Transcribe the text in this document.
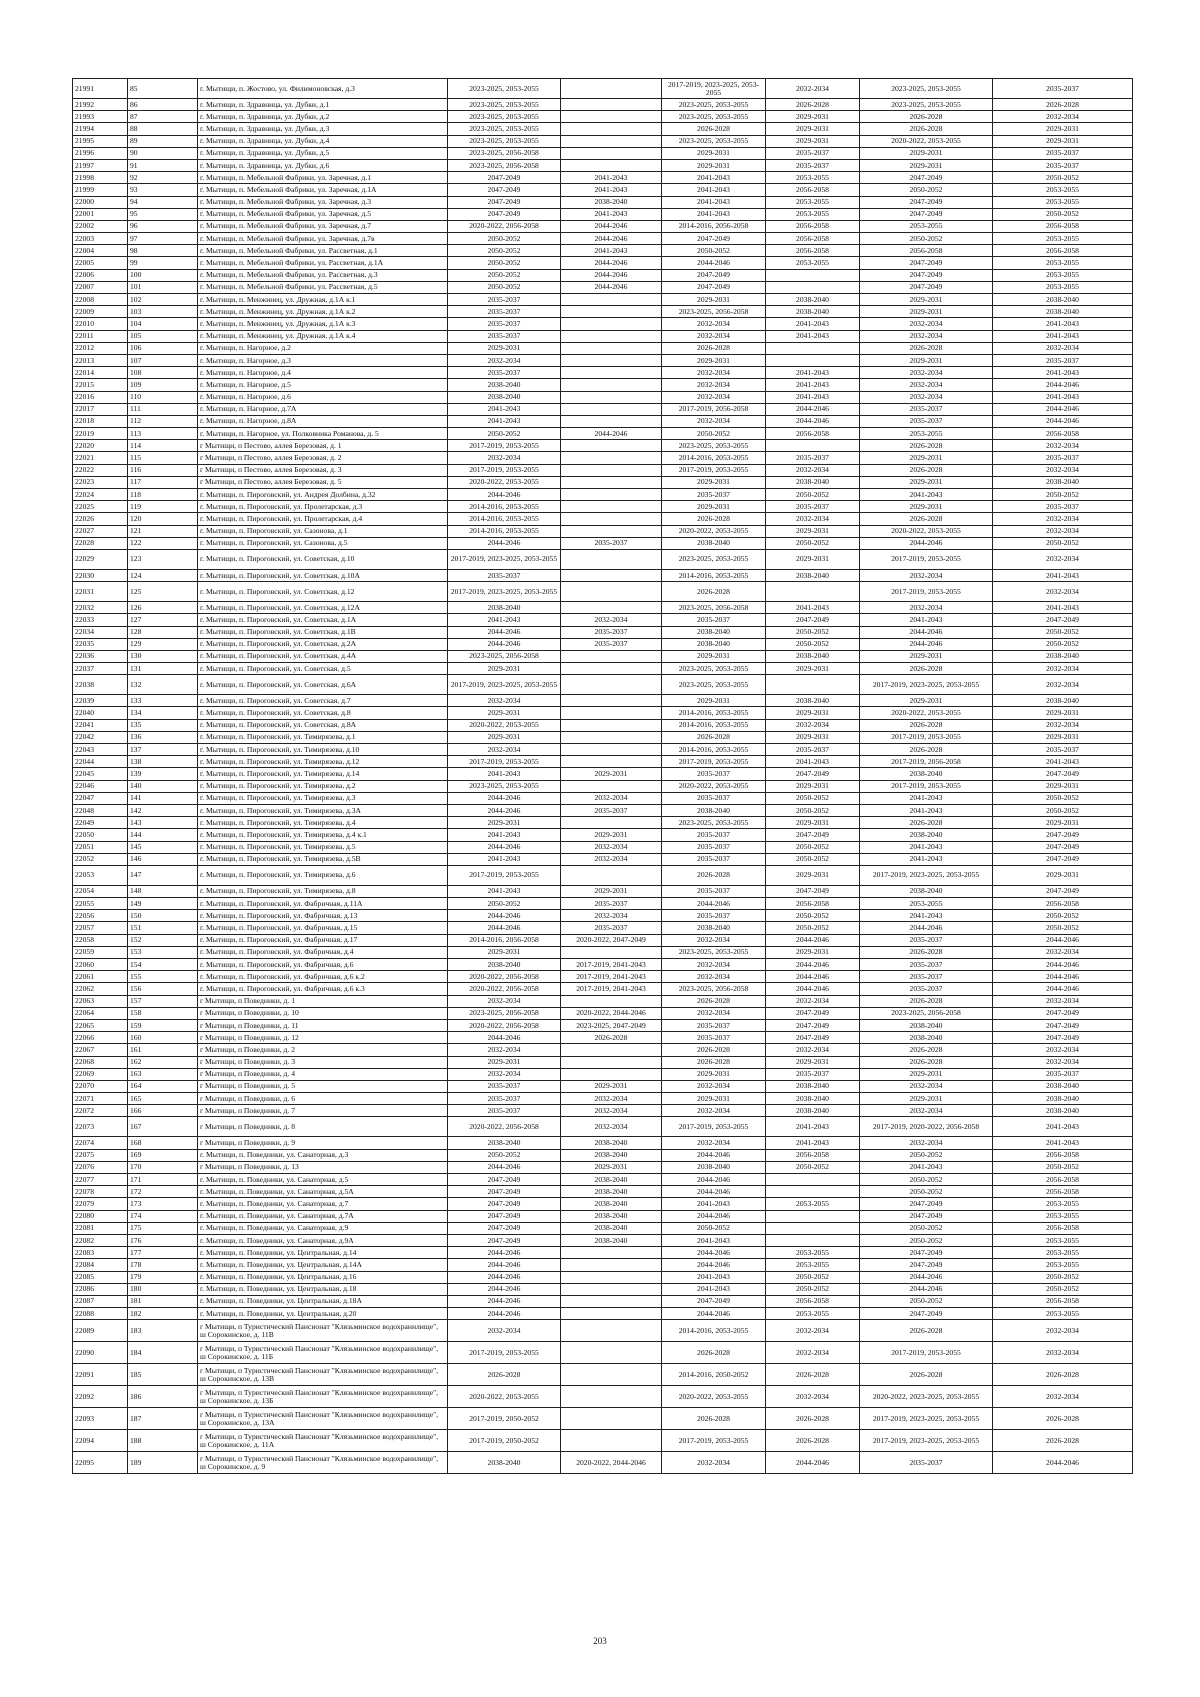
21991	85	г. Мытищи, п. Жостово, ул. Филимоновская, д.3	2023-2025, 2053-2055		2017-2019, 2023-2025, 2053-2055	2032-2034	2023-2025, 2053-2055	2035-2037
21992	86	г. Мытищи, п. Здравница, ул. Дубки, д.1	2023-2025, 2053-2055		2023-2025, 2053-2055	2026-2028	2023-2025, 2053-2055	2026-2028
21993	87	г. Мытищи, п. Здравница, ул. Дубки, д.2	2023-2025, 2053-2055		2023-2025, 2053-2055	2029-2031	2026-2028	2032-2034
21994	88	г. Мытищи, п. Здравница, ул. Дубки, д.3	2023-2025, 2053-2055		2026-2028	2029-2031	2026-2028	2029-2031
21995	89	г. Мытищи, п. Здравница, ул. Дубки, д.4	2023-2025, 2053-2055		2023-2025, 2053-2055	2029-2031	2020-2022, 2053-2055	2029-2031
21996	90	г. Мытищи, п. Здравница, ул. Дубки, д.5	2023-2025, 2056-2058		2029-2031	2035-2037	2029-2031	2035-2037
21997	91	г. Мытищи, п. Здравница, ул. Дубки, д.6	2023-2025, 2056-2058		2029-2031	2035-2037	2029-2031	2035-2037
21998	92	г. Мытищи, п. Мебельной Фабрики, ул. Заречная, д.1	2047-2049	2041-2043	2041-2043	2053-2055	2047-2049	2050-2052
21999	93	г. Мытищи, п. Мебельной Фабрики, ул. Заречная, д.1А	2047-2049	2041-2043	2041-2043	2056-2058	2050-2052	2053-2055
22000	94	г. Мытищи, п. Мебельной Фабрики, ул. Заречная, д.3	2047-2049	2038-2040	2041-2043	2053-2055	2047-2049	2053-2055
22001	95	г. Мытищи, п. Мебельной Фабрики, ул. Заречная, д.5	2047-2049	2041-2043	2041-2043	2053-2055	2047-2049	2050-2052
22002	96	г. Мытищи, п. Мебельной Фабрики, ул. Заречная, д.7	2020-2022, 2056-2058	2044-2046	2014-2016, 2056-2058	2056-2058	2053-2055	2056-2058
22003	97	г. Мытищи, п. Мебельной Фабрики, ул. Заречная, д.7в	2050-2052	2044-2046	2047-2049	2056-2058	2050-2052	2053-2055
22004	98	г. Мытищи, п. Мебельной Фабрики, ул. Рассветная, д.1	2050-2052	2041-2043	2050-2052	2056-2058	2056-2058	2056-2058
22005	99	г. Мытищи, п. Мебельной Фабрики, ул. Рассветная, д.1А	2050-2052	2044-2046	2044-2046	2053-2055	2047-2049	2053-2055
22006	100	г. Мытищи, п. Мебельной Фабрики, ул. Рассветная, д.3	2050-2052	2044-2046	2047-2049		2047-2049	2053-2055
22007	101	г. Мытищи, п. Мебельной Фабрики, ул. Рассветная, д.5	2050-2052	2044-2046	2047-2049		2047-2049	2053-2055
22008	102	г. Мытищи, п. Менжинец, ул. Дружная, д.1А к.1	2035-2037		2029-2031	2038-2040	2029-2031	2038-2040
22009	103	г. Мытищи, п. Менжинец, ул. Дружная, д.1А к.2	2035-2037		2023-2025, 2056-2058	2038-2040	2029-2031	2038-2040
22010	104	г. Мытищи, п. Менжинец, ул. Дружная, д.1А к.3	2035-2037		2032-2034	2041-2043	2032-2034	2041-2043
22011	105	г. Мытищи, п. Менжинец, ул. Дружная, д.1А к.4	2035-2037		2032-2034	2041-2043	2032-2034	2041-2043
22012	106	г. Мытищи, п. Нагорное, д.2	2029-2031		2026-2028		2026-2028	2032-2034
22013	107	г. Мытищи, п. Нагорное, д.3	2032-2034		2029-2031		2029-2031	2035-2037
22014	108	г. Мытищи, п. Нагорное, д.4	2035-2037		2032-2034	2041-2043	2032-2034	2041-2043
22015	109	г. Мытищи, п. Нагорное, д.5	2038-2040		2032-2034	2041-2043	2032-2034	2044-2046
22016	110	г. Мытищи, п. Нагорное, д.6	2038-2040		2032-2034	2041-2043	2032-2034	2041-2043
22017	111	г. Мытищи, п. Нагорное, д.7А	2041-2043		2017-2019, 2056-2058	2044-2046	2035-2037	2044-2046
22018	112	г. Мытищи, п. Нагорное, д.8А	2041-2043		2032-2034	2044-2046	2035-2037	2044-2046
22019	113	г. Мытищи, п. Нагорное, ул. Полковника Романова, д. 5	2050-2052	2044-2046	2050-2052	2056-2058	2053-2055	2056-2058
22020	114	г Мытищи, п Пестово, аллея Березовая, д. 1	2017-2019, 2053-2055		2023-2025, 2053-2055		2026-2028	2032-2034
22021	115	г Мытищи, п Пестово, аллея Березовая, д. 2	2032-2034		2014-2016, 2053-2055	2035-2037	2029-2031	2035-2037
22022	116	г Мытищи, п Пестово, аллея Березовая, д. 3	2017-2019, 2053-2055		2017-2019, 2053-2055	2032-2034	2026-2028	2032-2034
22023	117	г Мытищи, п Пестово, аллея Березовая, д. 5	2020-2022, 2053-2055		2029-2031	2038-2040	2029-2031	2038-2040
22024	118	г. Мытищи, п. Пироговский, ул. Андрея Долбина, д.32	2044-2046		2035-2037	2050-2052	2041-2043	2050-2052
22025	119	г. Мытищи, п. Пироговский, ул. Пролетарская, д.3	2014-2016, 2053-2055		2029-2031	2035-2037	2029-2031	2035-2037
22026	120	г. Мытищи, п. Пироговский, ул. Пролетарская, д.4	2014-2016, 2053-2055		2026-2028	2032-2034	2026-2028	2032-2034
22027	121	г. Мытищи, п. Пироговский, ул. Сазонова, д.1	2014-2016, 2053-2055		2020-2022, 2053-2055	2029-2031	2020-2022, 2053-2055	2032-2034
22028	122	г. Мытищи, п. Пироговский, ул. Сазонова, д.5	2044-2046	2035-2037	2038-2040	2050-2052	2044-2046	2050-2052
22029	123	г. Мытищи, п. Пироговский, ул. Советская, д.10	2017-2019, 2023-2025, 2053-2055		2023-2025, 2053-2055	2029-2031	2017-2019, 2053-2055	2032-2034
22030	124	г. Мытищи, п. Пироговский, ул. Советская, д.10А	2035-2037		2014-2016, 2053-2055	2038-2040	2032-2034	2041-2043
22031	125	г. Мытищи, п. Пироговский, ул. Советская, д.12	2017-2019, 2023-2025, 2053-2055		2026-2028		2017-2019, 2053-2055	2032-2034
22032	126	г. Мытищи, п. Пироговский, ул. Советская, д.12А	2038-2040		2023-2025, 2056-2058	2041-2043	2032-2034	2041-2043
22033	127	г. Мытищи, п. Пироговский, ул. Советская, д.1А	2041-2043	2032-2034	2035-2037	2047-2049	2041-2043	2047-2049
22034	128	г. Мытищи, п. Пироговский, ул. Советская, д.1В	2044-2046	2035-2037	2038-2040	2050-2052	2044-2046	2050-2052
22035	129	г. Мытищи, п. Пироговский, ул. Советская, д.2А	2044-2046	2035-2037	2038-2040	2050-2052	2044-2046	2050-2052
22036	130	г. Мытищи, п. Пироговский, ул. Советская, д.4А	2023-2025, 2056-2058		2029-2031	2038-2040	2029-2031	2038-2040
22037	131	г. Мытищи, п. Пироговский, ул. Советская, д.5	2029-2031		2023-2025, 2053-2055	2029-2031	2026-2028	2032-2034
22038	132	г. Мытищи, п. Пироговский, ул. Советская, д.6А	2017-2019, 2023-2025, 2053-2055		2023-2025, 2053-2055		2017-2019, 2023-2025, 2053-2055	2032-2034
22039	133	г. Мытищи, п. Пироговский, ул. Советская, д.7	2032-2034		2029-2031	2038-2040	2029-2031	2038-2040
22040	134	г. Мытищи, п. Пироговский, ул. Советская, д.8	2029-2031		2014-2016, 2053-2055	2029-2031	2020-2022, 2053-2055	2029-2031
22041	135	г. Мытищи, п. Пироговский, ул. Советская, д.8А	2020-2022, 2053-2055		2014-2016, 2053-2055	2032-2034	2026-2028	2032-2034
22042	136	г. Мытищи, п. Пироговский, ул. Тимирязева, д.1	2029-2031		2026-2028	2029-2031	2017-2019, 2053-2055	2029-2031
22043	137	г. Мытищи, п. Пироговский, ул. Тимирязева, д.10	2032-2034		2014-2016, 2053-2055	2035-2037	2026-2028	2035-2037
22044	138	г. Мытищи, п. Пироговский, ул. Тимирязева, д.12	2017-2019, 2053-2055		2017-2019, 2053-2055	2041-2043	2017-2019, 2056-2058	2041-2043
22045	139	г. Мытищи, п. Пироговский, ул. Тимирязева, д.14	2041-2043	2029-2031	2035-2037	2047-2049	2038-2040	2047-2049
22046	140	г. Мытищи, п. Пироговский, ул. Тимирязева, д.2	2023-2025, 2053-2055		2020-2022, 2053-2055	2029-2031	2017-2019, 2053-2055	2029-2031
22047	141	г. Мытищи, п. Пироговский, ул. Тимирязева, д.3	2044-2046	2032-2034	2035-2037	2050-2052	2041-2043	2050-2052
22048	142	г. Мытищи, п. Пироговский, ул. Тимирязева, д.3А	2044-2046	2035-2037	2038-2040	2050-2052	2041-2043	2050-2052
22049	143	г. Мытищи, п. Пироговский, ул. Тимирязева, д.4	2029-2031		2023-2025, 2053-2055	2029-2031	2026-2028	2029-2031
22050	144	г. Мытищи, п. Пироговский, ул. Тимирязева, д.4 к.1	2041-2043	2029-2031	2035-2037	2047-2049	2038-2040	2047-2049
22051	145	г. Мытищи, п. Пироговский, ул. Тимирязева, д.5	2044-2046	2032-2034	2035-2037	2050-2052	2041-2043	2047-2049
22052	146	г. Мытищи, п. Пироговский, ул. Тимирязева, д.5В	2041-2043	2032-2034	2035-2037	2050-2052	2041-2043	2047-2049
22053	147	г. Мытищи, п. Пироговский, ул. Тимирязева, д.6	2017-2019, 2053-2055		2026-2028	2029-2031	2017-2019, 2023-2025, 2053-2055	2029-2031
22054	148	г. Мытищи, п. Пироговский, ул. Тимирязева, д.8	2041-2043	2029-2031	2035-2037	2047-2049	2038-2040	2047-2049
22055	149	г. Мытищи, п. Пироговский, ул. Фабричная, д.11А	2050-2052	2035-2037	2044-2046	2056-2058	2053-2055	2056-2058
22056	150	г. Мытищи, п. Пироговский, ул. Фабричная, д.13	2044-2046	2032-2034	2035-2037	2050-2052	2041-2043	2050-2052
22057	151	г. Мытищи, п. Пироговский, ул. Фабричная, д.15	2044-2046	2035-2037	2038-2040	2050-2052	2044-2046	2050-2052
22058	152	г. Мытищи, п. Пироговский, ул. Фабричная, д.17	2014-2016, 2056-2058	2020-2022, 2047-2049	2032-2034	2044-2046	2035-2037	2044-2046
22059	153	г. Мытищи, п. Пироговский, ул. Фабричная, д.4	2029-2031		2023-2025, 2053-2055	2029-2031	2026-2028	2032-2034
22060	154	г. Мытищи, п. Пироговский, ул. Фабричная, д.6	2038-2040	2017-2019, 2041-2043	2032-2034	2044-2046	2035-2037	2044-2046
22061	155	г. Мытищи, п. Пироговский, ул. Фабричная, д.6 к.2	2020-2022, 2056-2058	2017-2019, 2041-2043	2032-2034	2044-2046	2035-2037	2044-2046
22062	156	г. Мытищи, п. Пироговский, ул. Фабричная, д.6 к.3	2020-2022, 2056-2058	2017-2019, 2041-2043	2023-2025, 2056-2058	2044-2046	2035-2037	2044-2046
22063	157	г Мытищи, п Поведники, д. 1	2032-2034		2026-2028	2032-2034	2026-2028	2032-2034
22064	158	г Мытищи, п Поведники, д. 10	2023-2025, 2056-2058	2020-2022, 2044-2046	2032-2034	2047-2049	2023-2025, 2056-2058	2047-2049
22065	159	г Мытищи, п Поведники, д. 11	2020-2022, 2056-2058	2023-2025, 2047-2049	2035-2037	2047-2049	2038-2040	2047-2049
22066	160	г Мытищи, п Поведники, д. 12	2044-2046	2026-2028	2035-2037	2047-2049	2038-2040	2047-2049
22067	161	г Мытищи, п Поведники, д. 2	2032-2034		2026-2028	2032-2034	2026-2028	2032-2034
22068	162	г Мытищи, п Поведники, д. 3	2029-2031		2026-2028	2029-2031	2026-2028	2032-2034
22069	163	г Мытищи, п Поведники, д. 4	2032-2034		2029-2031	2035-2037	2029-2031	2035-2037
22070	164	г Мытищи, п Поведники, д. 5	2035-2037	2029-2031	2032-2034	2038-2040	2032-2034	2038-2040
22071	165	г Мытищи, п Поведники, д. 6	2035-2037	2032-2034	2029-2031	2038-2040	2029-2031	2038-2040
22072	166	г Мытищи, п Поведники, д. 7	2035-2037	2032-2034	2032-2034	2038-2040	2032-2034	2038-2040
22073	167	г Мытищи, п Поведники, д. 8	2020-2022, 2056-2058	2032-2034	2017-2019, 2053-2055	2041-2043	2017-2019, 2020-2022, 2056-2058	2041-2043
22074	168	г Мытищи, п Поведники, д. 9	2038-2040	2038-2040	2032-2034	2041-2043	2032-2034	2041-2043
22075	169	г. Мытищи, п. Поведники, ул. Санаторная, д.3	2050-2052	2038-2040	2044-2046	2056-2058	2050-2052	2056-2058
22076	170	г Мытищи, п Поведники, д. 13	2044-2046	2029-2031	2038-2040	2050-2052	2041-2043	2050-2052
22077	171	г. Мытищи, п. Поведники, ул. Санаторная, д.5	2047-2049	2038-2040	2044-2046		2050-2052	2056-2058
22078	172	г. Мытищи, п. Поведники, ул. Санаторная, д.5А	2047-2049	2038-2040	2044-2046		2050-2052	2056-2058
22079	173	г. Мытищи, п. Поведники, ул. Санаторная, д.7	2047-2049	2038-2040	2041-2043	2053-2055	2047-2049	2053-2055
22080	174	г. Мытищи, п. Поведники, ул. Санаторная, д.7А	2047-2049	2038-2040	2044-2046		2047-2049	2053-2055
22081	175	г. Мытищи, п. Поведники, ул. Санаторная, д.9	2047-2049	2038-2040	2050-2052		2050-2052	2056-2058
22082	176	г. Мытищи, п. Поведники, ул. Санаторная, д.9А	2047-2049	2038-2040	2041-2043		2050-2052	2053-2055
22083	177	г. Мытищи, п. Поведники, ул. Центральная, д.14	2044-2046		2044-2046	2053-2055	2047-2049	2053-2055
22084	178	г. Мытищи, п. Поведники, ул. Центральная, д.14А	2044-2046		2044-2046	2053-2055	2047-2049	2053-2055
22085	179	г. Мытищи, п. Поведники, ул. Центральная, д.16	2044-2046		2041-2043	2050-2052	2044-2046	2050-2052
22086	180	г. Мытищи, п. Поведники, ул. Центральная, д.18	2044-2046		2041-2043	2050-2052	2044-2046	2050-2052
22087	181	г. Мытищи, п. Поведники, ул. Центральная, д.18А	2044-2046		2047-2049	2056-2058	2050-2052	2056-2058
22088	182	г. Мытищи, п. Поведники, ул. Центральная, д.20	2044-2046		2044-2046	2053-2055	2047-2049	2053-2055
22089	183	г Мытищи, п Туристический Пансионат "Клязьминское водохранилище", ш Сорокинское, д. 11В	2032-2034		2014-2016, 2053-2055	2032-2034	2026-2028	2032-2034
22090	184	г Мытищи, п Туристический Пансионат "Клязьминское водохранилище", ш Сорокинское, д. 11Б	2017-2019, 2053-2055		2026-2028	2032-2034	2017-2019, 2053-2055	2032-2034
22091	185	г Мытищи, п Туристический Пансионат "Клязьминское водохранилище", ш Сорокинское, д. 13В	2026-2028		2014-2016, 2050-2052	2026-2028	2026-2028	2026-2028
22092	186	г Мытищи, п Туристический Пансионат "Клязьминское водохранилище", ш Сорокинское, д. 13Б	2020-2022, 2053-2055		2020-2022, 2053-2055	2032-2034	2020-2022, 2023-2025, 2053-2055	2032-2034
22093	187	г Мытищи, п Туристический Пансионат "Клязьминское водохранилище", ш Сорокинское, д. 13А	2017-2019, 2050-2052		2026-2028	2026-2028	2017-2019, 2023-2025, 2053-2055	2026-2028
22094	188	г Мытищи, п Туристический Пансионат "Клязьминское водохранилище", ш Сорокинское, д. 11А	2017-2019, 2050-2052		2017-2019, 2053-2055	2026-2028	2017-2019, 2023-2025, 2053-2055	2026-2028
22095	189	г Мытищи, п Туристический Пансионат "Клязьминское водохранилище", ш Сорокинское, д. 9	2038-2040	2020-2022, 2044-2046	2032-2034	2044-2046	2035-2037	2044-2046
203
